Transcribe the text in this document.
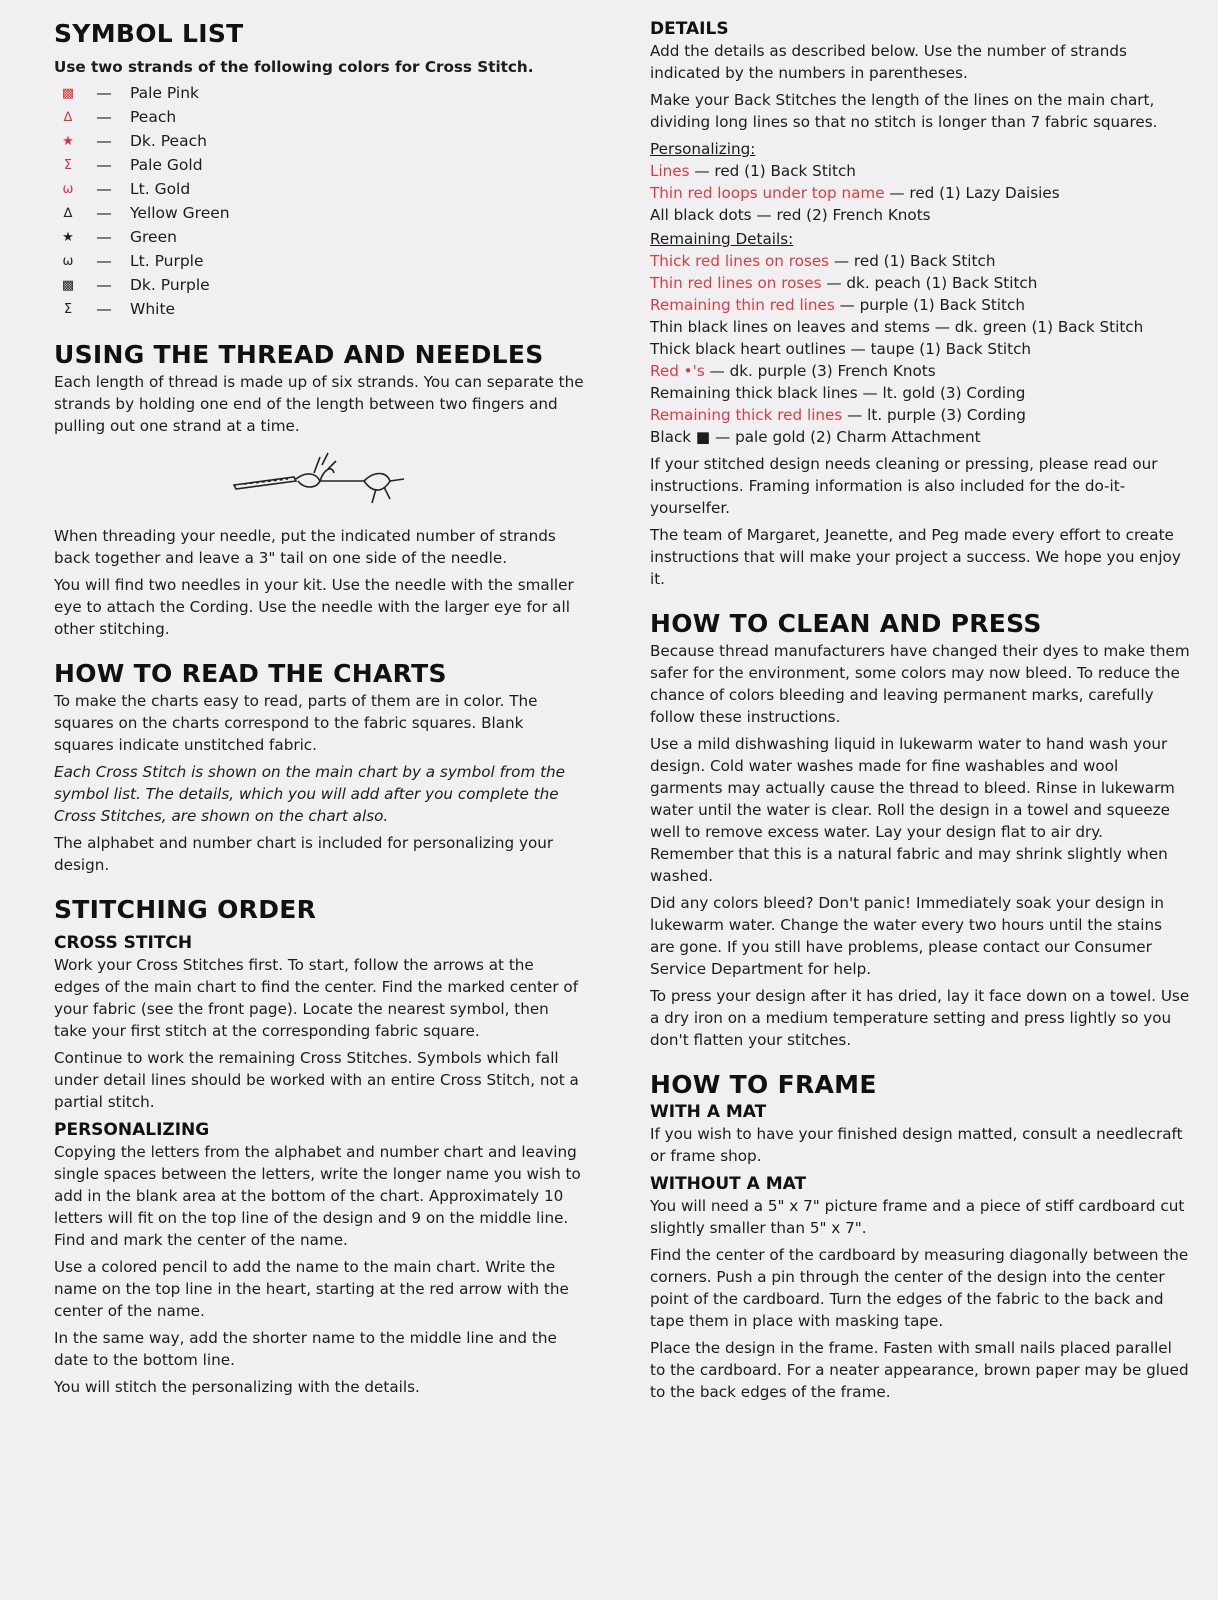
SYMBOL LIST
Use two strands of the following colors for Cross Stitch.
▩	—	Pale Pink
∆	—	Peach
★	—	Dk. Peach
Σ	—	Pale Gold
ω	—	Lt. Gold
∆	—	Yellow Green
★	—	Green
ω	—	Lt. Purple
▩	—	Dk. Purple
Σ	—	White
USING THE THREAD AND NEEDLES

Each length of thread is made up of six strands. You can separate the strands by holding one end of the length between two fingers and pulling out one strand at a time.

When threading your needle, put the indicated number of strands back together and leave a 3" tail on one side of the needle.

You will find two needles in your kit. Use the needle with the smaller eye to attach the Cording. Use the needle with the larger eye for all other stitching.

HOW TO READ THE CHARTS

To make the charts easy to read, parts of them are in color. The squares on the charts correspond to the fabric squares. Blank squares indicate unstitched fabric.

Each Cross Stitch is shown on the main chart by a symbol from the symbol list. The details, which you will add after you complete the Cross Stitches, are shown on the chart also.

The alphabet and number chart is included for personalizing your design.

STITCHING ORDER
CROSS STITCH

Work your Cross Stitches first. To start, follow the arrows at the edges of the main chart to find the center. Find the marked center of your fabric (see the front page). Locate the nearest symbol, then take your first stitch at the corresponding fabric square.

Continue to work the remaining Cross Stitches. Symbols which fall under detail lines should be worked with an entire Cross Stitch, not a partial stitch.

PERSONALIZING

Copying the letters from the alphabet and number chart and leaving single spaces between the letters, write the longer name you wish to add in the blank area at the bottom of the chart. Approximately 10 letters will fit on the top line of the design and 9 on the middle line. Find and mark the center of the name.

Use a colored pencil to add the name to the main chart. Write the name on the top line in the heart, starting at the red arrow with the center of the name.

In the same way, add the shorter name to the middle line and the date to the bottom line.

You will stitch the personalizing with the details.

DETAILS

Add the details as described below. Use the number of strands indicated by the numbers in parentheses.

Make your Back Stitches the length of the lines on the main chart, dividing long lines so that no stitch is longer than 7 fabric squares.

Personalizing:
Lines — red (1) Back Stitch
Thin red loops under top name — red (1) Lazy Daisies
All black dots — red (2) French Knots
Remaining Details:
Thick red lines on roses — red (1) Back Stitch
Thin red lines on roses — dk. peach (1) Back Stitch
Remaining thin red lines — purple (1) Back Stitch
Thin black lines on leaves and stems — dk. green (1) Back Stitch
Thick black heart outlines — taupe (1) Back Stitch
Red •'s — dk. purple (3) French Knots
Remaining thick black lines — lt. gold (3) Cording
Remaining thick red lines — lt. purple (3) Cording
Black ■ — pale gold (2) Charm Attachment

If your stitched design needs cleaning or pressing, please read our instructions. Framing information is also included for the do-it-yourselfer.

The team of Margaret, Jeanette, and Peg made every effort to create instructions that will make your project a success. We hope you enjoy it.

HOW TO CLEAN AND PRESS

Because thread manufacturers have changed their dyes to make them safer for the environment, some colors may now bleed. To reduce the chance of colors bleeding and leaving permanent marks, carefully follow these instructions.

Use a mild dishwashing liquid in lukewarm water to hand wash your design. Cold water washes made for fine washables and wool garments may actually cause the thread to bleed. Rinse in lukewarm water until the water is clear. Roll the design in a towel and squeeze well to remove excess water. Lay your design flat to air dry. Remember that this is a natural fabric and may shrink slightly when washed.

Did any colors bleed? Don't panic! Immediately soak your design in lukewarm water. Change the water every two hours until the stains are gone. If you still have problems, please contact our Consumer Service Department for help.

To press your design after it has dried, lay it face down on a towel. Use a dry iron on a medium temperature setting and press lightly so you don't flatten your stitches.

HOW TO FRAME
WITH A MAT

If you wish to have your finished design matted, consult a needlecraft or frame shop.

WITHOUT A MAT

You will need a 5" x 7" picture frame and a piece of stiff cardboard cut slightly smaller than 5" x 7".

Find the center of the cardboard by measuring diagonally between the corners. Push a pin through the center of the design into the center point of the cardboard. Turn the edges of the fabric to the back and tape them in place with masking tape.

Place the design in the frame. Fasten with small nails placed parallel to the cardboard. For a neater appearance, brown paper may be glued to the back edges of the frame.
